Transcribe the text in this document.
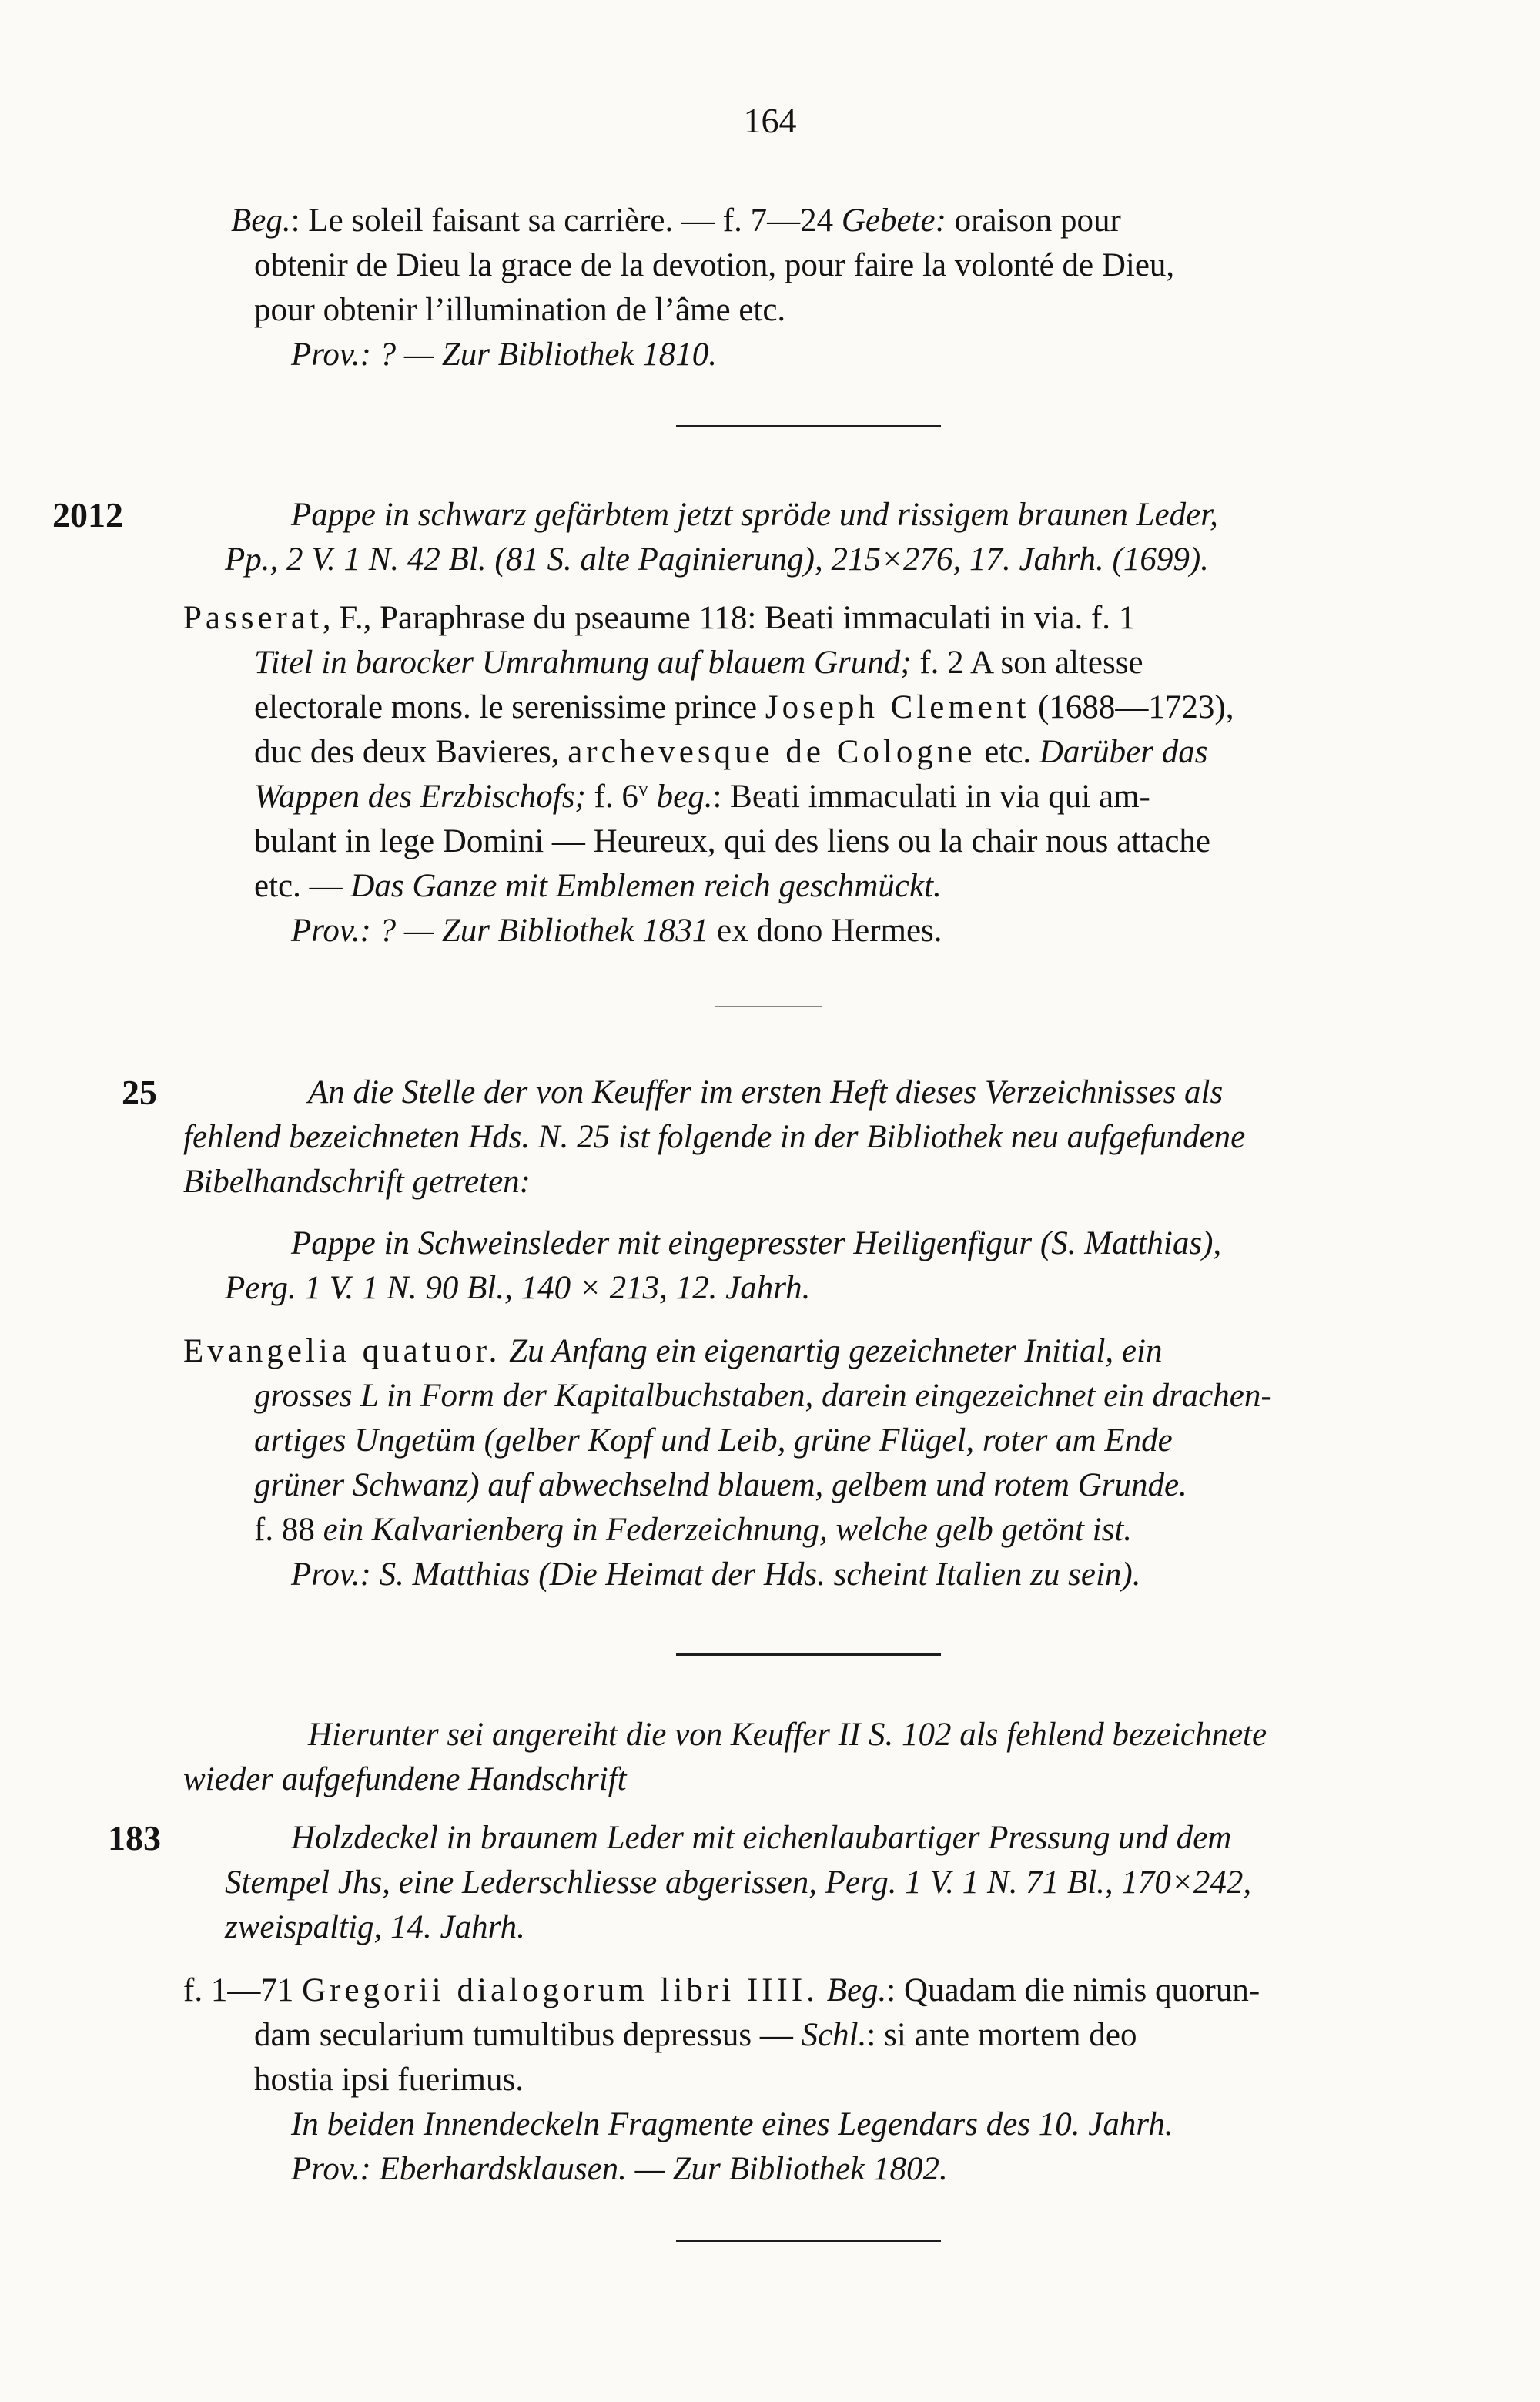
164
Beg.: Le soleil faisant sa carrière. — f. 7—24 Gebete: oraison pour
obtenir de Dieu la grace de la devotion, pour faire la volonté de Dieu,
pour obtenir l’illumination de l’âme etc.
Prov.: ? — Zur Bibliothek 1810.
2012	Pappe in schwarz gefärbtem jetzt spröde und rissigem braunen Leder,
Pp., 2 V. 1 N. 42 Bl. (81 S. alte Paginierung), 215×276, 17. Jahrh. (1699).
Passerat, F., Paraphrase du pseaume 118: Beati immaculati in via. f. 1
Titel in barocker Umrahmung auf blauem Grund; f. 2 A son altesse
electorale mons. le serenissime prince Joseph Clement (1688—1723),
duc des deux Bavieres, archevesque de Cologne etc. Darüber das
Wappen des Erzbischofs; f. 6$^v$ beg.: Beati immaculati in via qui am-
bulant in lege Domini — Heureux, qui des liens ou la chair nous attache
etc. — Das Ganze mit Emblemen reich geschmückt.
Prov.: ? — Zur Bibliothek 1831 ex dono Hermes.
25	An die Stelle der von Keuffer im ersten Heft dieses Verzeichnisses als
fehlend bezeichneten Hds. N. 25 ist folgende in der Bibliothek neu aufgefundene
Bibelhandschrift getreten:
Pappe in Schweinsleder mit eingepresster Heiligenfigur (S. Matthias),
Perg. 1 V. 1 N. 90 Bl., 140 × 213, 12. Jahrh.
Evangelia quatuor. Zu Anfang ein eigenartig gezeichneter Initial, ein
grosses L in Form der Kapitalbuchstaben, darein eingezeichnet ein drachen-
artiges Ungetüm (gelber Kopf und Leib, grüne Flügel, roter am Ende
grüner Schwanz) auf abwechselnd blauem, gelbem und rotem Grunde.
f. 88 ein Kalvarienberg in Federzeichnung, welche gelb getönt ist.
Prov.: S. Matthias (Die Heimat der Hds. scheint Italien zu sein).
Hierunter sei angereiht die von Keuffer II S. 102 als fehlend bezeichnete
wieder aufgefundene Handschrift
183	Holzdeckel in braunem Leder mit eichenlaubartiger Pressung und dem
Stempel Jhs, eine Lederschliesse abgerissen, Perg. 1 V. 1 N. 71 Bl., 170×242,
zweispaltig, 14. Jahrh.
f. 1—71 Gregorii dialogorum libri IIII. Beg.: Quadam die nimis quorun-
dam secularium tumultibus depressus — Schl.: si ante mortem deo
hostia ipsi fuerimus.
In beiden Innendeckeln Fragmente eines Legendars des 10. Jahrh.
Prov.: Eberhardsklausen. — Zur Bibliothek 1802.
